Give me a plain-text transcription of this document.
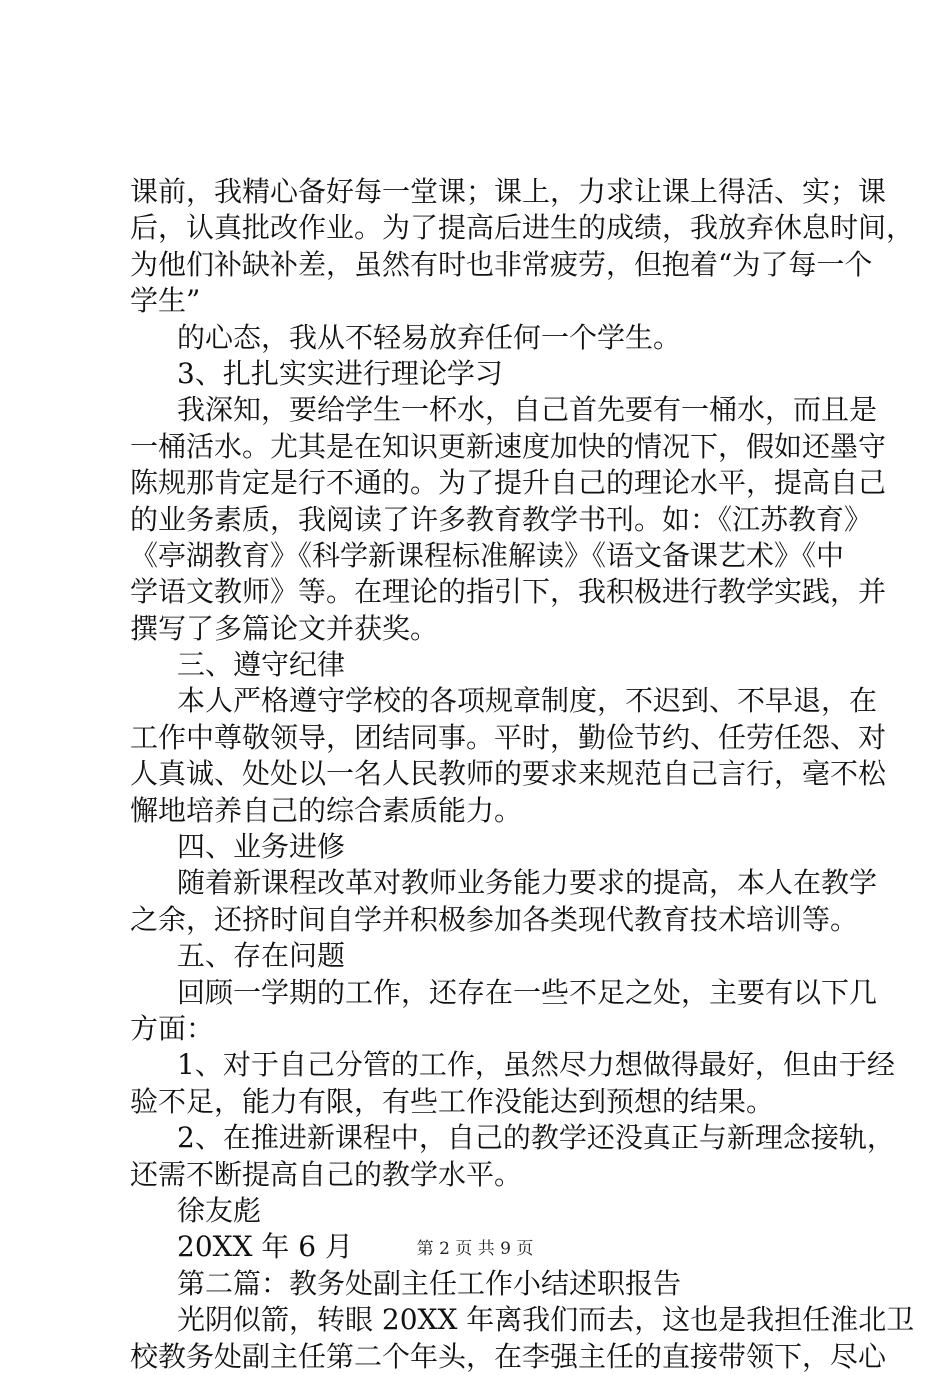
课前，我精心备好每一堂课；课上，力求让课上得活、实；课
后，认真批改作业。为了提高后进生的成绩，我放弃休息时间，
为他们补缺补差，虽然有时也非常疲劳，但抱着“为了每一个
学生”
的心态，我从不轻易放弃任何一个学生。
3、扎扎实实进行理论学习
我深知，要给学生一杯水，自己首先要有一桶水，而且是
一桶活水。尤其是在知识更新速度加快的情况下，假如还墨守
陈规那肯定是行不通的。为了提升自己的理论水平，提高自己
的业务素质，我阅读了许多教育教学书刊。如：《江苏教育》
《亭湖教育》《科学新课程标准解读》《语文备课艺术》《中
学语文教师》等。在理论的指引下，我积极进行教学实践，并
撰写了多篇论文并获奖。
三、遵守纪律
本人严格遵守学校的各项规章制度，不迟到、不早退，在
工作中尊敬领导，团结同事。平时，勤俭节约、任劳任怨、对
人真诚、处处以一名人民教师的要求来规范自己言行，毫不松
懈地培养自己的综合素质能力。
四、业务进修
随着新课程改革对教师业务能力要求的提高，本人在教学
之余，还挤时间自学并积极参加各类现代教育技术培训等。
五、存在问题
回顾一学期的工作，还存在一些不足之处，主要有以下几
方面：
1、对于自己分管的工作，虽然尽力想做得最好，但由于经
验不足，能力有限，有些工作没能达到预想的结果。
2、在推进新课程中，自己的教学还没真正与新理念接轨，
还需不断提高自己的教学水平。
徐友彪
20XX 年 6 月
第二篇：教务处副主任工作小结述职报告
光阴似箭，转眼 20XX 年离我们而去，这也是我担任淮北卫
校教务处副主任第二个年头，在李强主任的直接带领下，尽心
第 2 页 共 9 页
